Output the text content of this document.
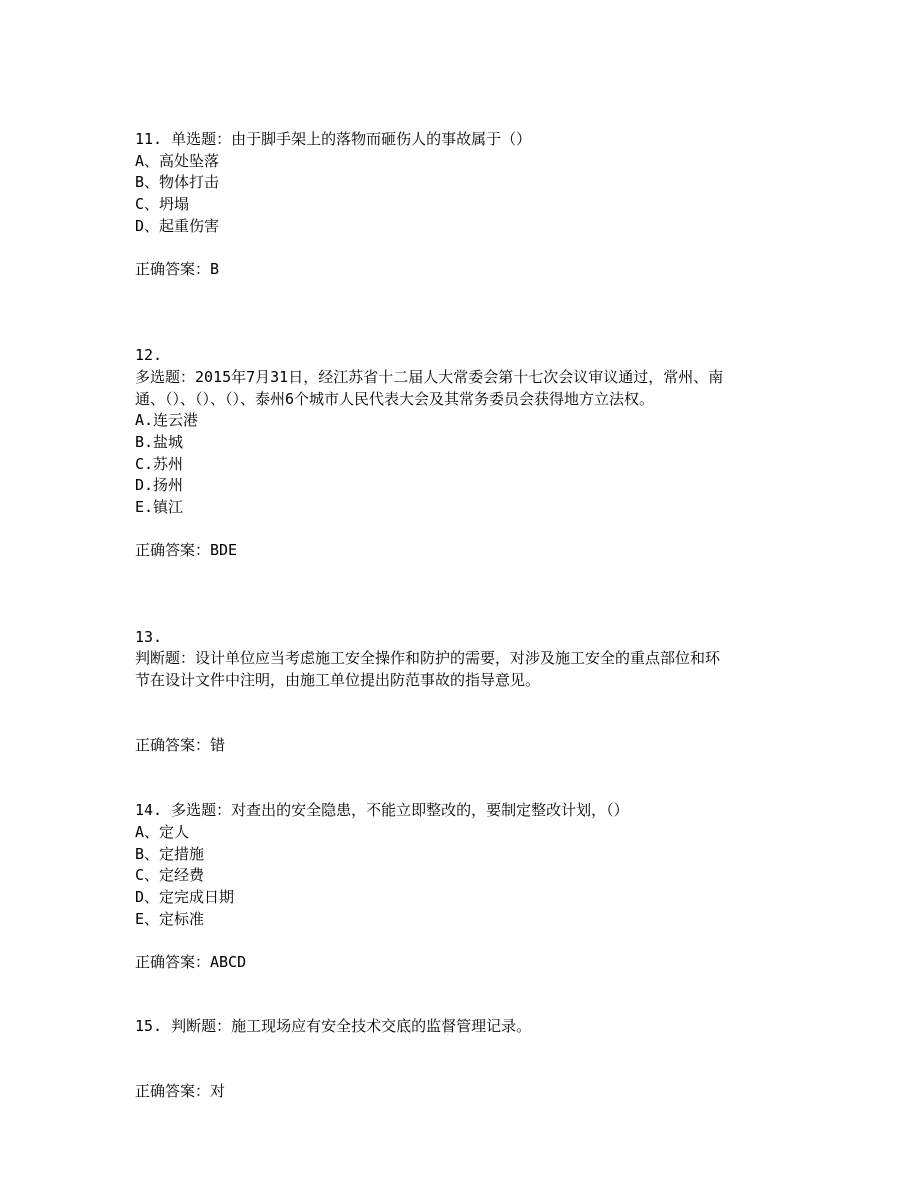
11. 单选题：由于脚手架上的落物而砸伤人的事故属于（）

A、高处坠落

B、物体打击

C、坍塌

D、起重伤害

正确答案：B

12.

多选题：2015年7月31日，经江苏省十二届人大常委会第十七次会议审议通过，常州、南

通、（）、（）、（）、泰州6个城市人民代表大会及其常务委员会获得地方立法权。

A.连云港

B.盐城

C.苏州

D.扬州

E.镇江

正确答案：BDE

13.

判断题：设计单位应当考虑施工安全操作和防护的需要，对涉及施工安全的重点部位和环

节在设计文件中注明，由施工单位提出防范事故的指导意见。

正确答案：错

14. 多选题：对查出的安全隐患，不能立即整改的，要制定整改计划，（）

A、定人

B、定措施

C、定经费

D、定完成日期

E、定标准

正确答案：ABCD

15. 判断题：施工现场应有安全技术交底的监督管理记录。

正确答案：对
